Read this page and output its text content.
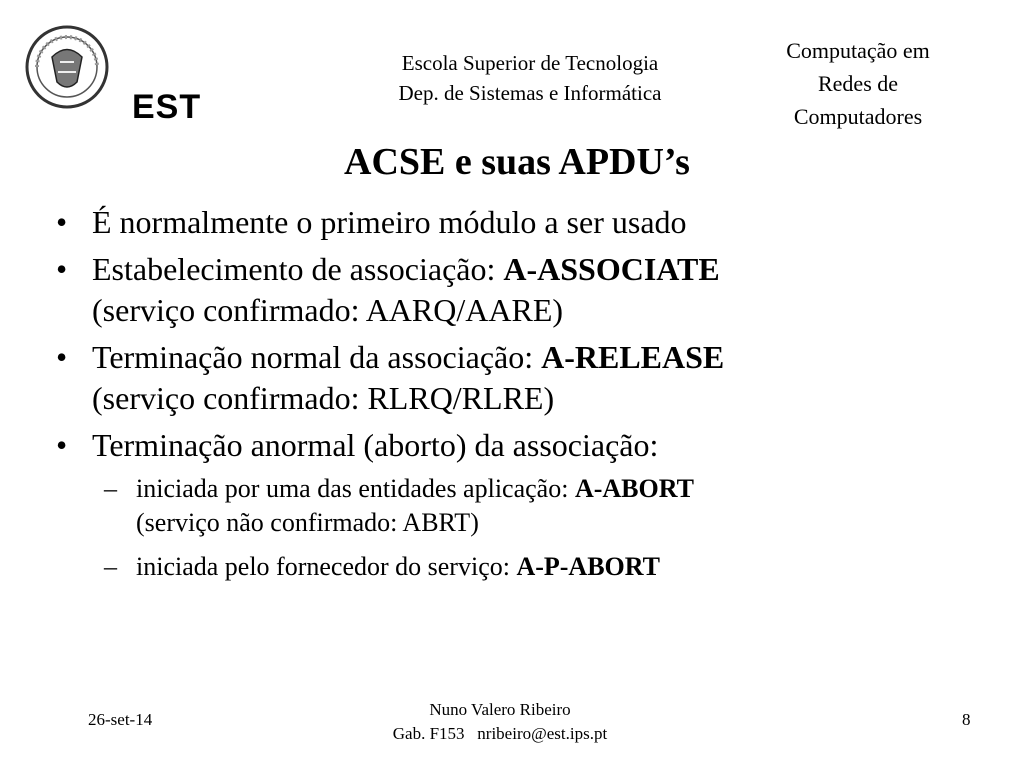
EST
Escola Superior de Tecnologia
Dep. de Sistemas e Informática
Computação em
Redes de
Computadores
ACSE e suas APDU’s
• É normalmente o primeiro módulo a ser usado
• Estabelecimento de associação: A-ASSOCIATE
(serviço confirmado: AARQ/AARE)
• Terminação normal da associação: A-RELEASE
(serviço confirmado: RLRQ/RLRE)
• Terminação anormal (aborto) da associação:
– iniciada por uma das entidades aplicação: A-ABORT
(serviço não confirmado: ABRT)
– iniciada pelo fornecedor do serviço: A-P-ABORT
26-set-14
Nuno Valero Ribeiro
Gab. F153   nribeiro@est.ips.pt
8
